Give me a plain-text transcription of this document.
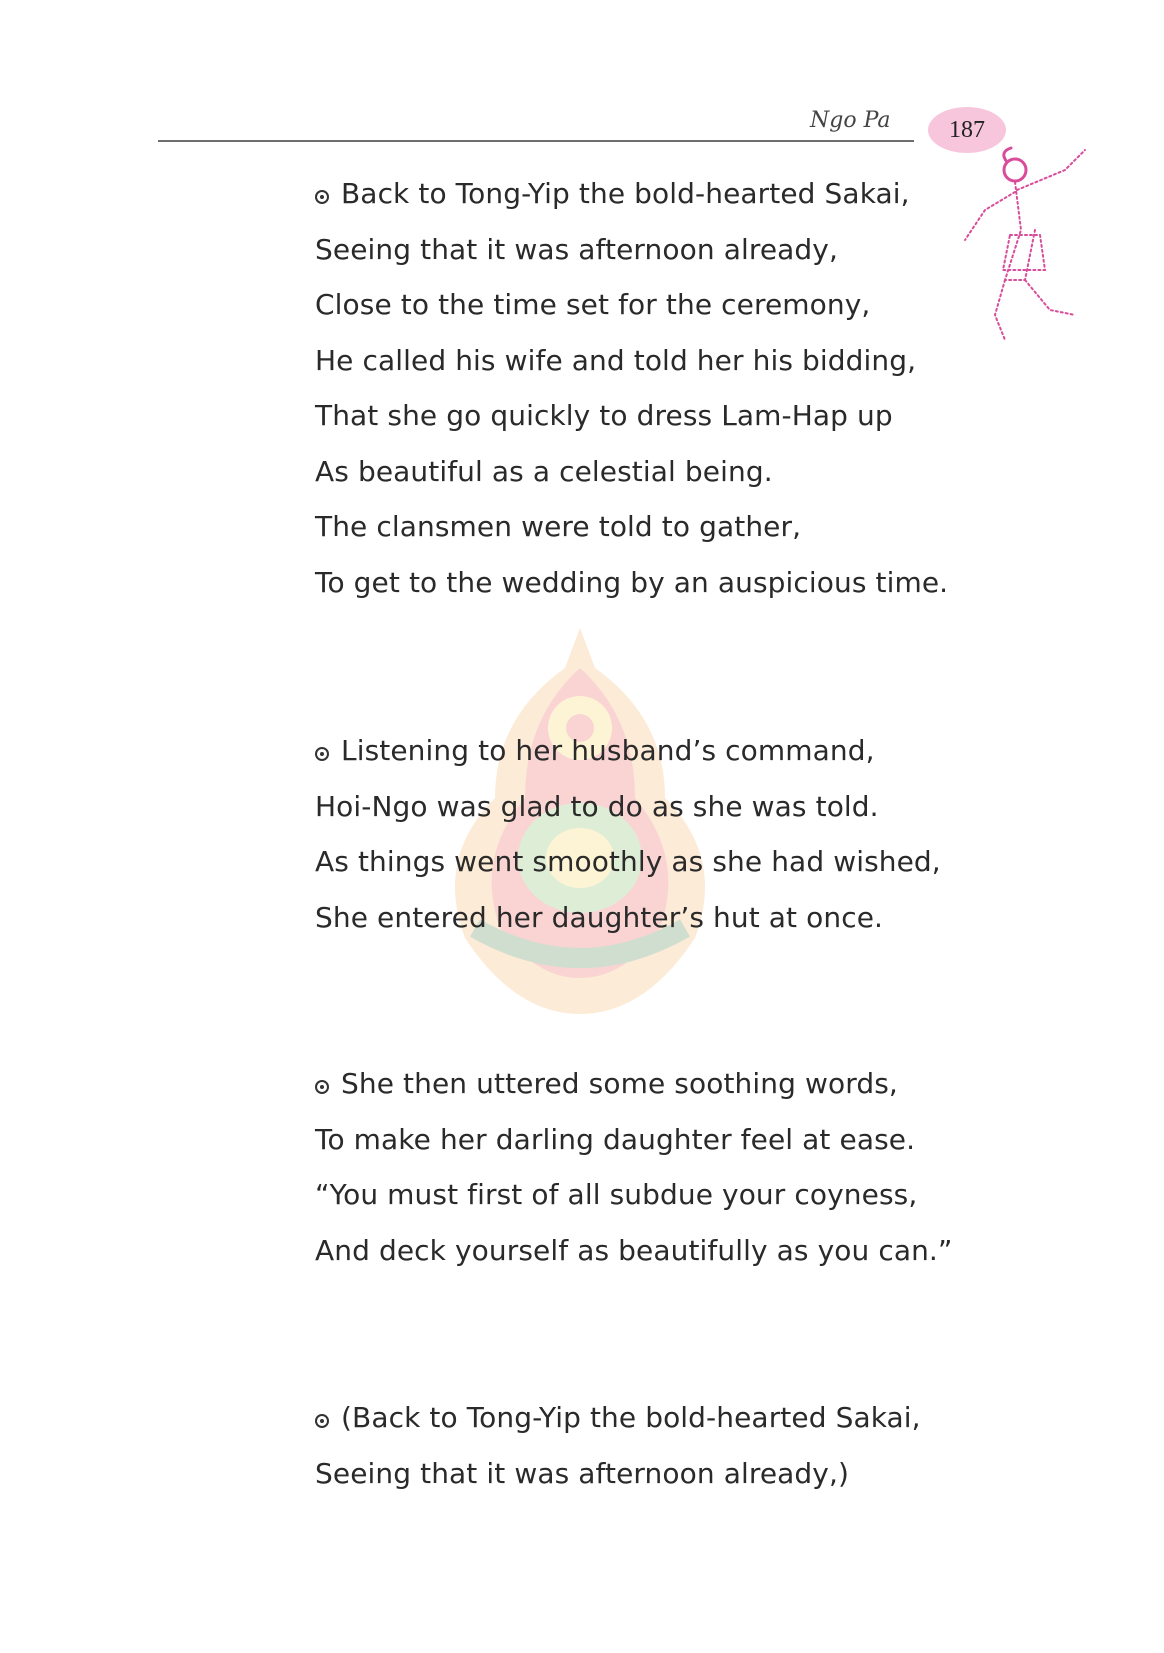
Ngo Pa	187
Back to Tong-Yip the bold-hearted Sakai,
Seeing that it was afternoon already,
Close to the time set for the ceremony,
He called his wife and told her his bidding,
That she go quickly to dress Lam-Hap up
As beautiful as a celestial being.
The clansmen were told to gather,
To get to the wedding by an auspicious time.
Listening to her husband’s command,
Hoi-Ngo was glad to do as she was told.
As things went smoothly as she had wished,
She entered her daughter’s hut at once.
She then uttered some soothing words,
To make her darling daughter feel at ease.
“You must first of all subdue your coyness,
And deck yourself as beautifully as you can.”
(Back to Tong-Yip the bold-hearted Sakai,
Seeing that it was afternoon already,)
